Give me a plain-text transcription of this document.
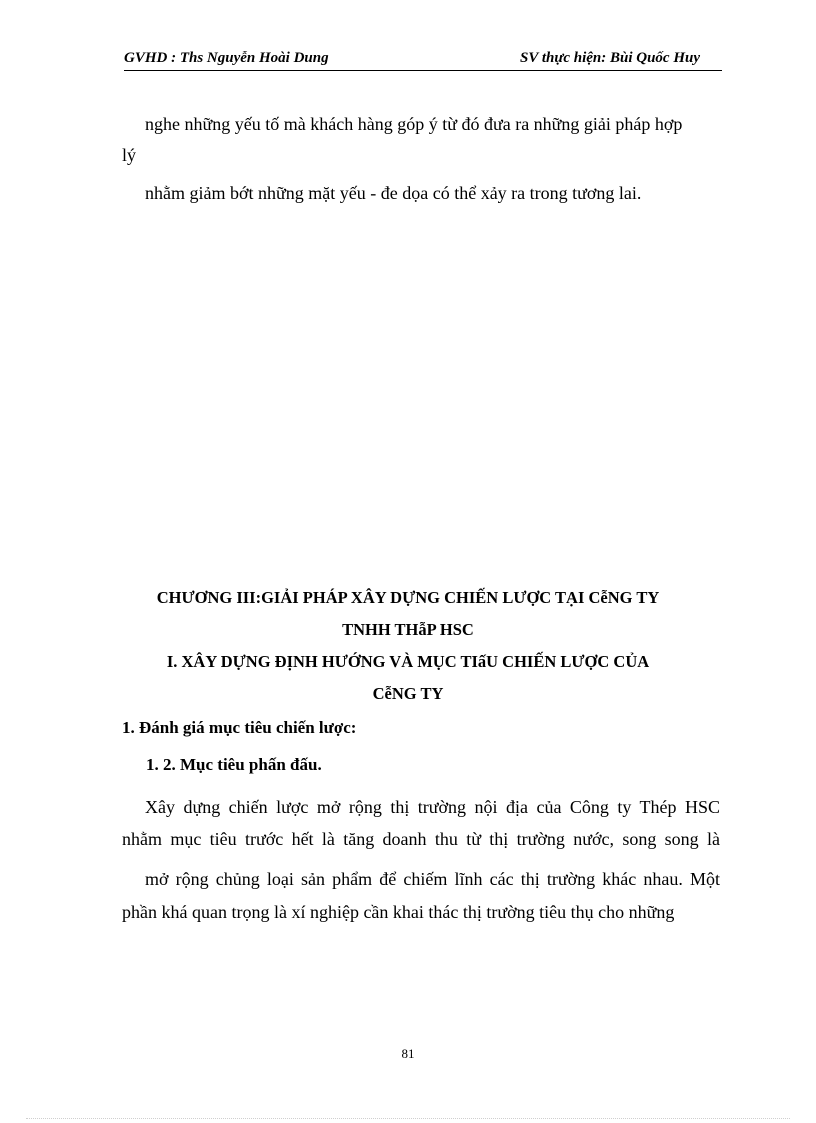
GVHD : Ths Nguyễn Hoài Dung	SV thực hiện: Bùi Quốc Huy

nghe những yếu tố mà khách hàng góp ý từ đó đưa ra những giải pháp hợp

lý

nhằm giảm bớt những mặt yếu - đe dọa có thể xảy ra trong tương lai.

CHƯƠNG III:GIẢI PHÁP XÂY DỰNG CHIẾN LƯỢC TẠI CễNG TY

TNHH THẫP HSC

I. XÂY DỰNG ĐỊNH HƯỚNG VÀ MỤC TIấU CHIẾN LƯỢC CỦA

CễNG TY

1. Đánh giá mục tiêu chiến lược:

1. 2. Mục tiêu phấn đấu.

Xây dựng chiến lược mở rộng thị trường nội địa của Công ty Thép HSC

nhằm mục tiêu trước hết là tăng doanh thu từ thị trường nước, song song là

mở rộng chủng loại sản phẩm để chiếm lĩnh các thị trường khác nhau. Một

phần khá quan trọng là xí nghiệp cần khai thác thị trường tiêu thụ cho những

81
